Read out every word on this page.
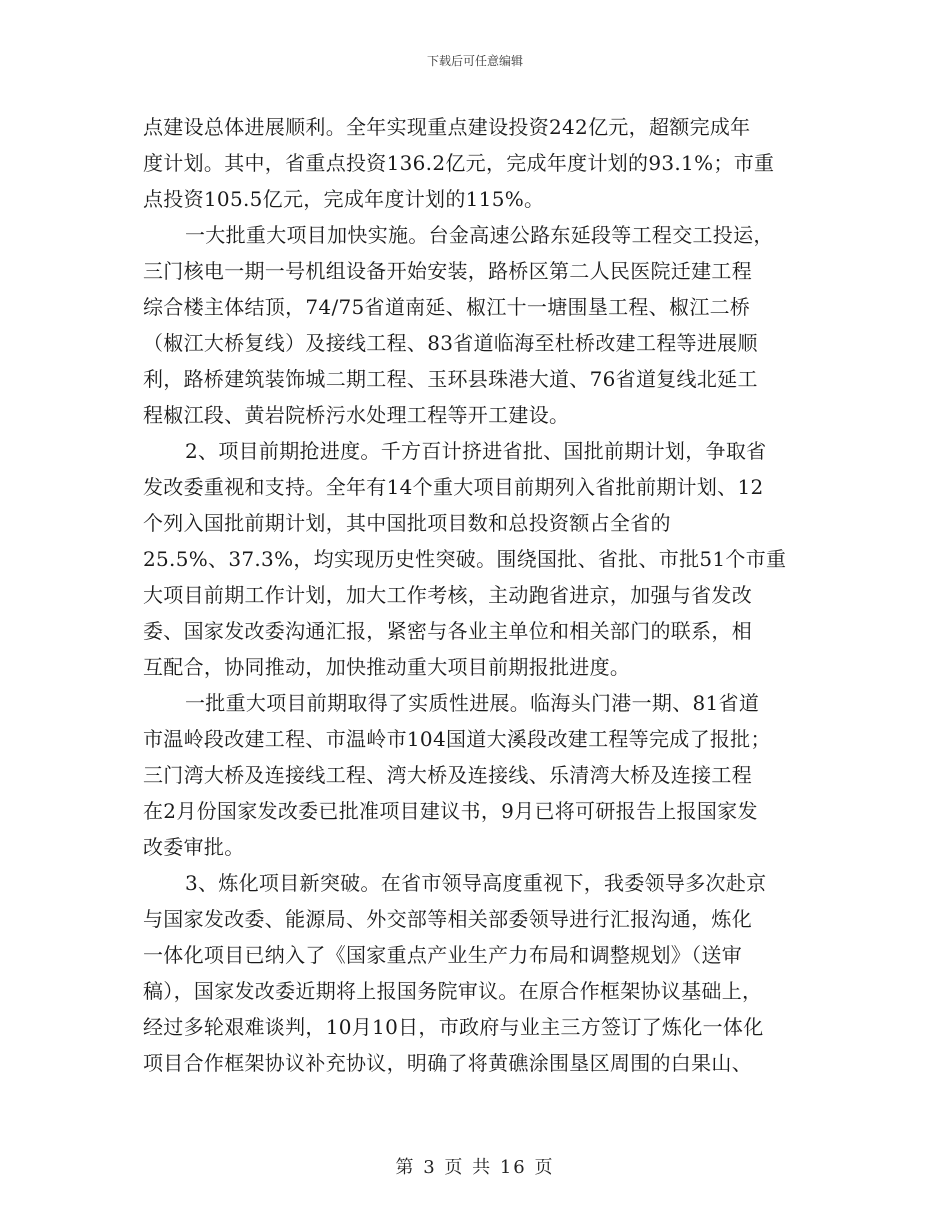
下载后可任意编辑

点建设总体进展顺利。全年实现重点建设投资242亿元，超额完成年
度计划。其中，省重点投资136.2亿元，完成年度计划的93.1%；市重
点投资105.5亿元，完成年度计划的115%。

一大批重大项目加快实施。台金高速公路东延段等工程交工投运，
三门核电一期一号机组设备开始安装，路桥区第二人民医院迁建工程
综合楼主体结顶，74/75省道南延、椒江十一塘围垦工程、椒江二桥
（椒江大桥复线）及接线工程、83省道临海至杜桥改建工程等进展顺
利，路桥建筑装饰城二期工程、玉环县珠港大道、76省道复线北延工
程椒江段、黄岩院桥污水处理工程等开工建设。

2、项目前期抢进度。千方百计挤进省批、国批前期计划，争取省
发改委重视和支持。全年有14个重大项目前期列入省批前期计划、12
个列入国批前期计划，其中国批项目数和总投资额占全省的
25.5%、37.3%，均实现历史性突破。围绕国批、省批、市批51个市重
大项目前期工作计划，加大工作考核，主动跑省进京，加强与省发改
委、国家发改委沟通汇报，紧密与各业主单位和相关部门的联系，相
互配合，协同推动，加快推动重大项目前期报批进度。

一批重大项目前期取得了实质性进展。临海头门港一期、81省道
市温岭段改建工程、市温岭市104国道大溪段改建工程等完成了报批；
三门湾大桥及连接线工程、湾大桥及连接线、乐清湾大桥及连接工程
在2月份国家发改委已批准项目建议书，9月已将可研报告上报国家发
改委审批。

3、炼化项目新突破。在省市领导高度重视下，我委领导多次赴京
与国家发改委、能源局、外交部等相关部委领导进行汇报沟通，炼化
一体化项目已纳入了《国家重点产业生产力布局和调整规划》（送审
稿），国家发改委近期将上报国务院审议。在原合作框架协议基础上，
经过多轮艰难谈判，10月10日，市政府与业主三方签订了炼化一体化
项目合作框架协议补充协议，明确了将黄礁涂围垦区周围的白果山、

第 3 页 共 16 页
